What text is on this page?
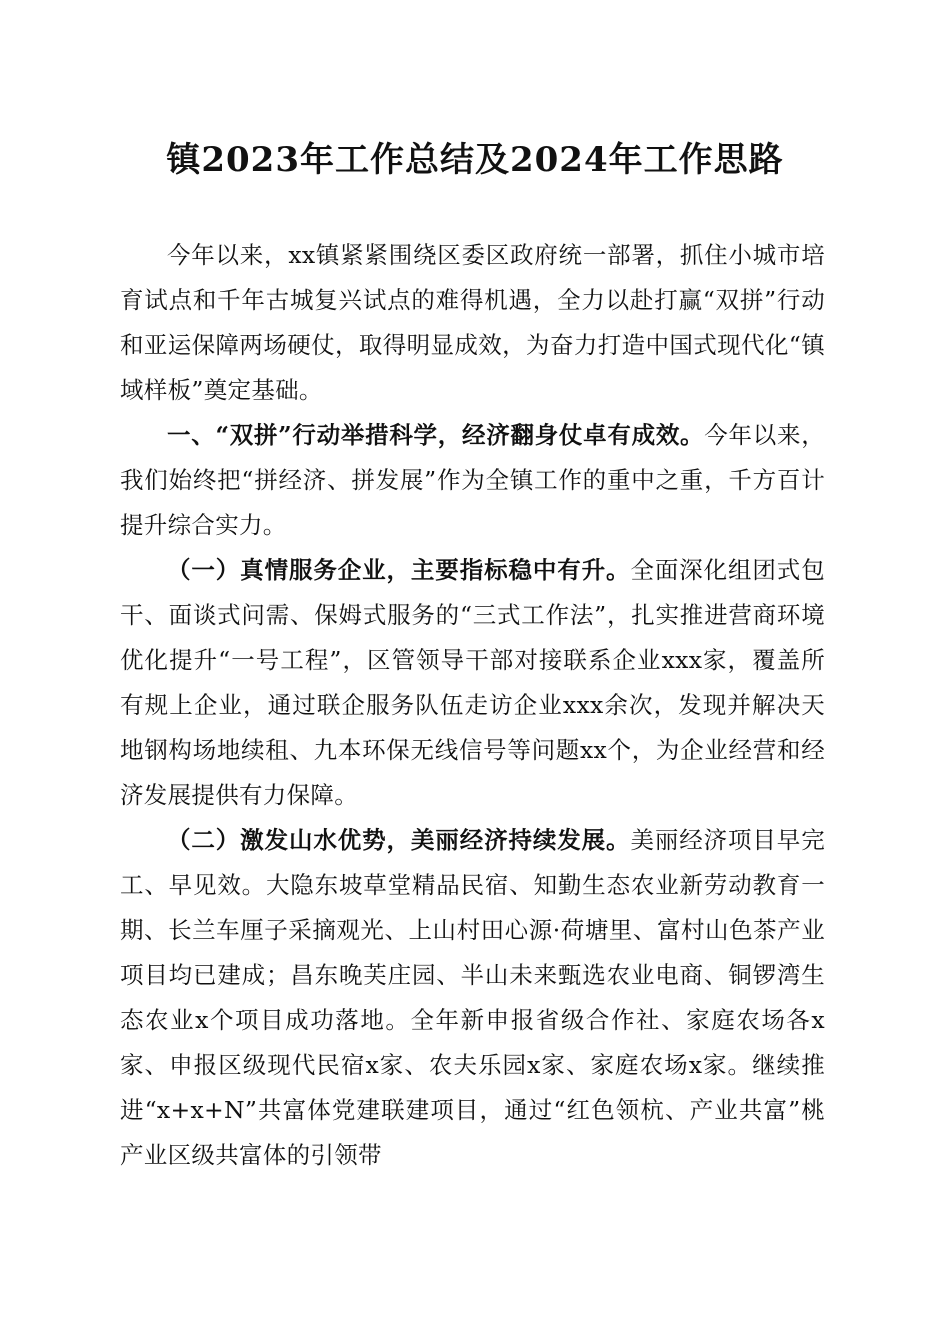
镇2023年工作总结及2024年工作思路

今年以来，xx镇紧紧围绕区委区政府统一部署，抓住小城市培育试点和千年古城复兴试点的难得机遇，全力以赴打赢“双拼”行动和亚运保障两场硬仗，取得明显成效，为奋力打造中国式现代化“镇域样板”奠定基础。

一、“双拼”行动举措科学，经济翻身仗卓有成效。今年以来，我们始终把“拼经济、拼发展”作为全镇工作的重中之重，千方百计提升综合实力。

（一）真情服务企业，主要指标稳中有升。全面深化组团式包干、面谈式问需、保姆式服务的“三式工作法”，扎实推进营商环境优化提升“一号工程”，区管领导干部对接联系企业xxx家，覆盖所有规上企业，通过联企服务队伍走访企业xxx余次，发现并解决天地钢构场地续租、九本环保无线信号等问题xx个，为企业经营和经济发展提供有力保障。

（二）激发山水优势，美丽经济持续发展。美丽经济项目早完工、早见效。大隐东坡草堂精品民宿、知勤生态农业新劳动教育一期、长兰车厘子采摘观光、上山村田心源·荷塘里、富村山色茶产业项目均已建成；昌东晚芙庄园、半山未来甄选农业电商、铜锣湾生态农业x个项目成功落地。全年新申报省级合作社、家庭农场各x家、申报区级现代民宿x家、农夫乐园x家、家庭农场x家。继续推进“x+x+N”共富体党建联建项目，通过“红色领杭、产业共富”桃产业区级共富体的引领带
